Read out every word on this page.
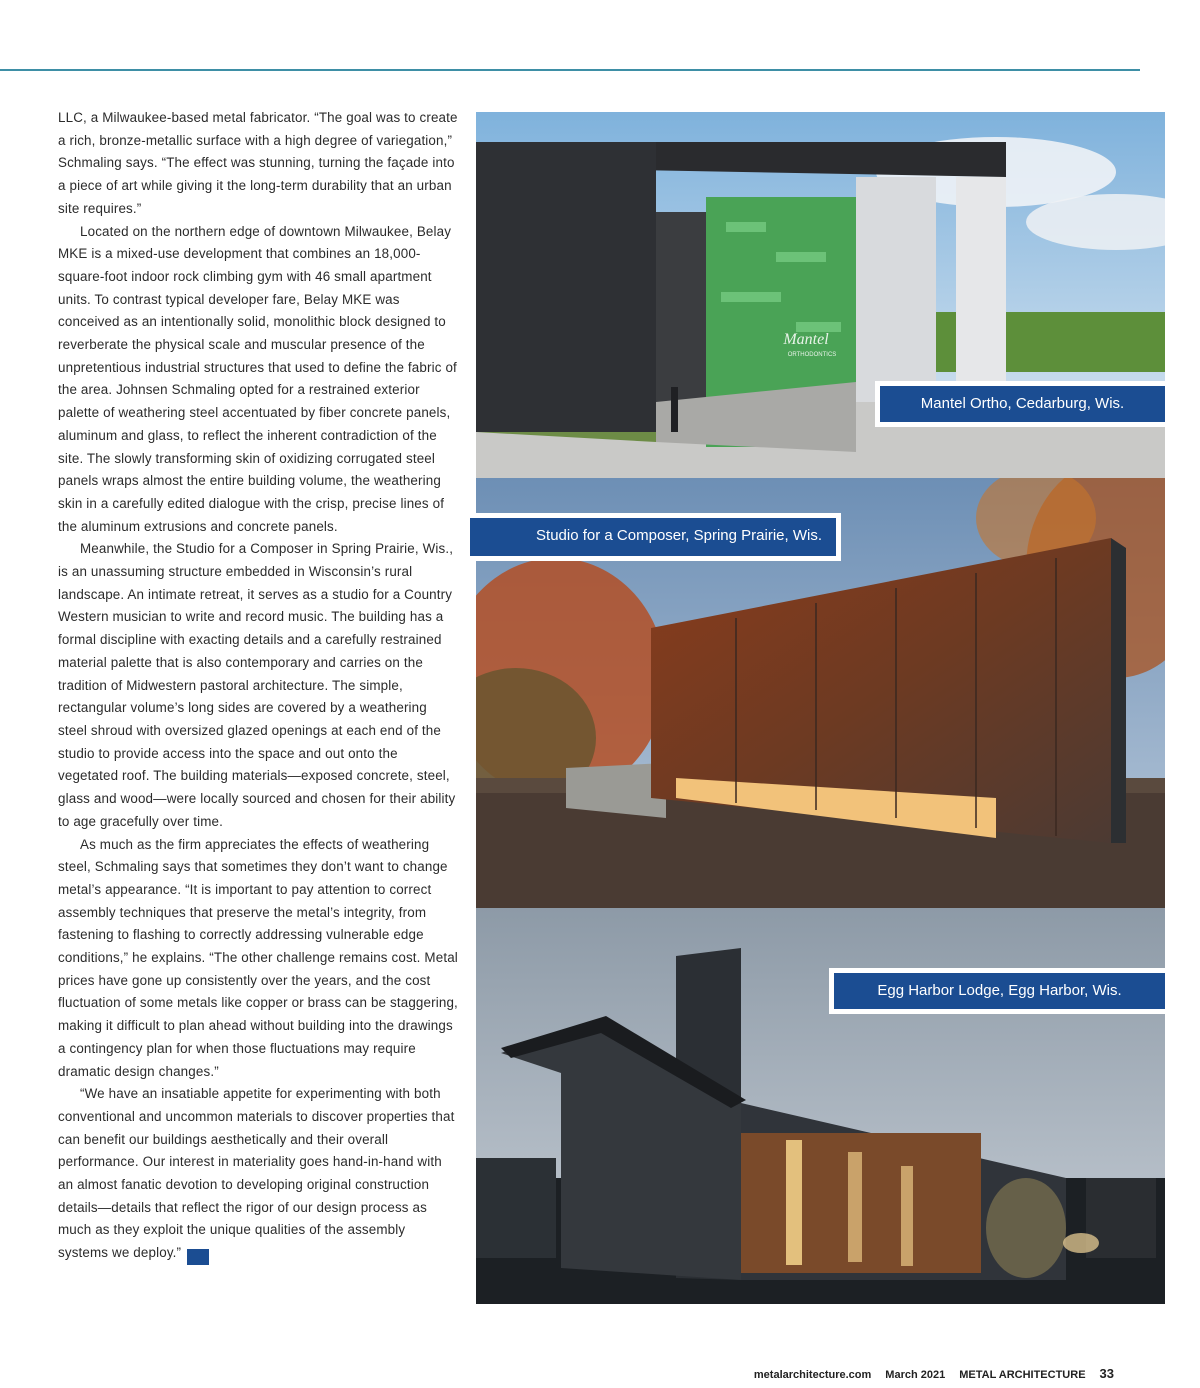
LLC, a Milwaukee-based metal fabricator. “The goal was to create a rich, bronze-metallic surface with a high degree of variegation,” Schmaling says. “The effect was stunning, turning the façade into a piece of art while giving it the long-term durability that an urban site requires.”

Located on the northern edge of downtown Milwaukee, Belay MKE is a mixed-use development that combines an 18,000-square-foot indoor rock climbing gym with 46 small apartment units. To contrast typical developer fare, Belay MKE was conceived as an intentionally solid, monolithic block designed to reverberate the physical scale and muscular presence of the unpretentious industrial structures that used to define the fabric of the area. Johnsen Schmaling opted for a restrained exterior palette of weathering steel accentuated by fiber concrete panels, aluminum and glass, to reflect the inherent contradiction of the site. The slowly transforming skin of oxidizing corrugated steel panels wraps almost the entire building volume, the weathering skin in a carefully edited dialogue with the crisp, precise lines of the aluminum extrusions and concrete panels.

Meanwhile, the Studio for a Composer in Spring Prairie, Wis., is an unassuming structure embedded in Wisconsin’s rural landscape. An intimate retreat, it serves as a studio for a Country Western musician to write and record music. The building has a formal discipline with exacting details and a carefully restrained material palette that is also contemporary and carries on the tradition of Midwestern pastoral architecture. The simple, rectangular volume’s long sides are covered by a weathering steel shroud with oversized glazed openings at each end of the studio to provide access into the space and out onto the vegetated roof. The building materials—exposed concrete, steel, glass and wood—were locally sourced and chosen for their ability to age gracefully over time.

As much as the firm appreciates the effects of weathering steel, Schmaling says that sometimes they don’t want to change metal’s appearance. “It is important to pay attention to correct assembly techniques that preserve the metal’s integrity, from fastening to flashing to correctly addressing vulnerable edge conditions,” he explains. “The other challenge remains cost. Metal prices have gone up consistently over the years, and the cost fluctuation of some metals like copper or brass can be staggering, making it difficult to plan ahead without building into the drawings a contingency plan for when those fluctuations may require dramatic design changes.”

“We have an insatiable appetite for experimenting with both conventional and uncommon materials to discover properties that can benefit our buildings aesthetically and their overall performance. Our interest in materiality goes hand-in-hand with an almost fanatic devotion to developing original construction details—details that reflect the rigor of our design process as much as they exploit the unique qualities of the assembly systems we deploy.”	MA

Mantel
ORTHODONTICS
Mantel Ortho, Cedarburg, Wis.
Studio for a Composer, Spring Prairie, Wis.
Egg Harbor Lodge, Egg Harbor, Wis.
metalarchitecture.com March 2021 METAL ARCHITECTURE 33
